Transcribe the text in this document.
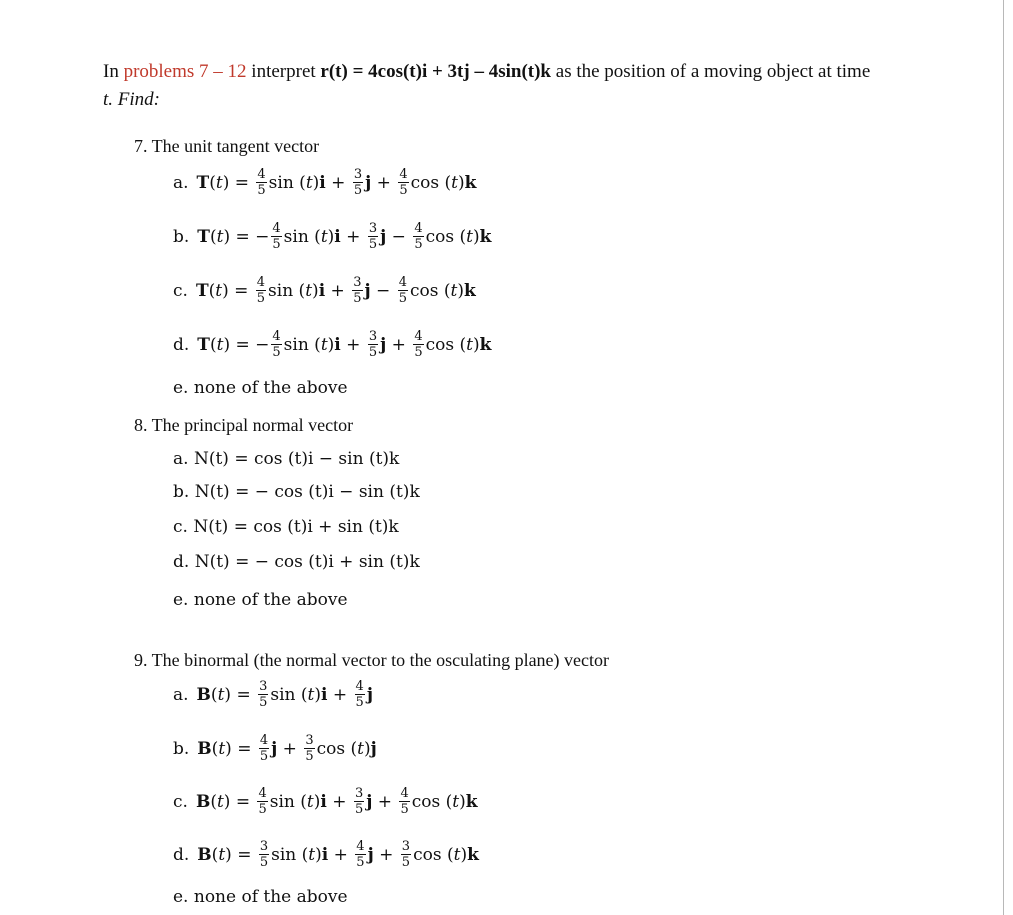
In problems 7 – 12 interpret r(t) = 4cos(t)i + 3tj – 4sin(t)k as the position of a moving object at time
t. Find:
7. The unit tangent vector
a. T ( t ) = $\frac{4}{5}$ sin ( t ) $i + \frac{3}{5}$ $j + \frac{4}{5}$ cos ( t ) k
b. T ( t ) = − $\frac{4}{5}$ sin ( t ) $i + \frac{3}{5}$ $j - \frac{4}{5}$ cos ( t ) k
c. T ( t ) = $\frac{4}{5}$ sin ( t ) $i + \frac{3}{5}$ $j - \frac{4}{5}$ cos ( t ) k
d. T ( t ) = − $\frac{4}{5}$ sin ( t ) $i + \frac{3}{5}$ $j + \frac{4}{5}$ cos ( t ) k
e. none of the above
8. The principal normal vector
a. N(t) = cos (t)i − sin (t)k
b. N(t) = − cos (t)i − sin (t)k
c. N(t) = cos (t)i + sin (t)k
d. N(t) = − cos (t)i + sin (t)k
e. none of the above
9. The binormal (the normal vector to the osculating plane) vector
a. B ( t ) = $\frac{3}{5}$ sin ( t ) $i + \frac{4}{5}$ j
b. B ( t ) = $\frac{4}{5}$ $j + \frac{3}{5}$ cos ( t ) j
c. B ( t ) = $\frac{4}{5}$ sin ( t ) $i + \frac{3}{5}$ $j + \frac{4}{5}$ cos ( t ) k
d. B ( t ) = $\frac{3}{5}$ sin ( t ) $i + \frac{4}{5}$ $j + \frac{3}{5}$ cos ( t ) k
e. none of the above
